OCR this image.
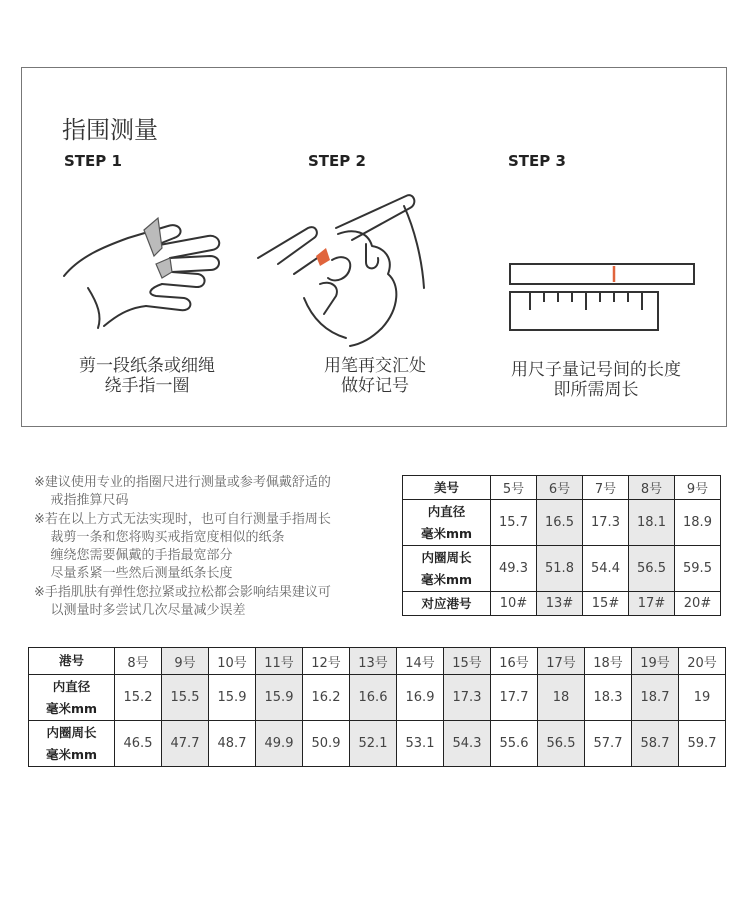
指围测量
STEP 1	STEP 2	STEP 3
剪一段纸条或细绳
绕手指一圈
用笔再交汇处
做好记号
用尺子量记号间的长度
即所需周长
※建议使用专业的指圈尺进行测量或参考佩戴舒适的
戒指推算尺码
※若在以上方式无法实现时，也可自行测量手指周长
裁剪一条和您将购买戒指宽度相似的纸条
缠绕您需要佩戴的手指最宽部分
尽量系紧一些然后测量纸条长度
※手指肌肤有弹性您拉紧或拉松都会影响结果建议可
以测量时多尝试几次尽量减少误差
美号	5号	6号	7号	8号	9号
内直径
毫米mm	15.7	16.5	17.3	18.1	18.9
内圈周长
毫米mm	49.3	51.8	54.4	56.5	59.5
对应港号	10#	13#	15#	17#	20#
港号	8号	9号	10号	11号	12号	13号	14号	15号	16号	17号	18号	19号	20号
内直径
毫米mm	15.2	15.5	15.9	15.9	16.2	16.6	16.9	17.3	17.7	18	18.3	18.7	19
内圈周长
毫米mm	46.5	47.7	48.7	49.9	50.9	52.1	53.1	54.3	55.6	56.5	57.7	58.7	59.7
